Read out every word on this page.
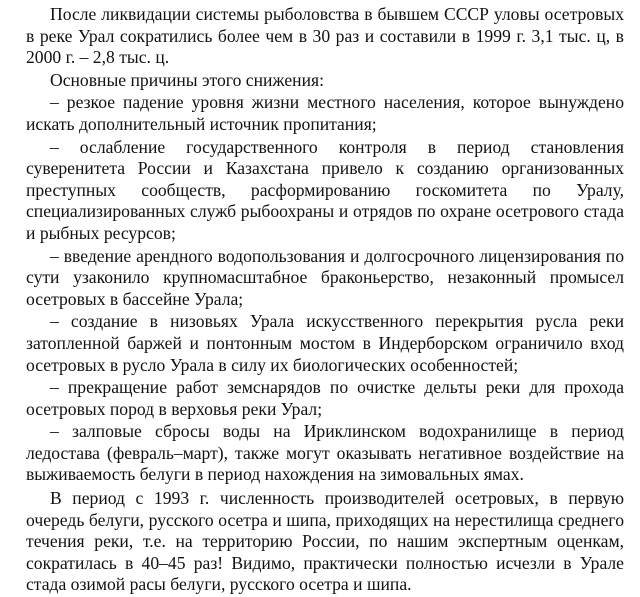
После ликвидации системы рыболовства в бывшем СССР уловы осетровых в реке Урал сократились более чем в 30 раз и составили в 1999 г. 3,1 тыс. ц, в 2000 г. – 2,8 тыс. ц.

Основные причины этого снижения:

– резкое падение уровня жизни местного населения, которое вынуждено искать дополнительный источник пропитания;

– ослабление государственного контроля в период становления суверенитета России и Казахстана привело к созданию организованных преступных сообществ, расформированию госкомитета по Уралу, специализированных служб рыбоохраны и отрядов по охране осетрового стада и рыбных ресурсов;

– введение арендного водопользования и долгосрочного лицензирования по сути узаконило крупномасштабное браконьерство, незаконный промысел осетровых в бассейне Урала;

– создание в низовьях Урала искусственного перекрытия русла реки затопленной баржей и понтонным мостом в Индерборском ограничило вход осетровых в русло Урала в силу их биологических особенностей;

– прекращение работ земснарядов по очистке дельты реки для прохода осетровых пород в верховья реки Урал;

– залповые сбросы воды на Ириклинском водохранилище в период ледостава (февраль–март), также могут оказывать негативное воздействие на выживаемость белуги в период нахождения на зимовальных ямах.

В период с 1993 г. численность производителей осетровых, в первую очередь белуги, русского осетра и шипа, приходящих на нерестилища среднего течения реки, т.е. на территорию России, по нашим экспертным оценкам, сократилась в 40–45 раз! Видимо, практически полностью исчезли в Урале стада озимой расы белуги, русского осетра и шипа.
